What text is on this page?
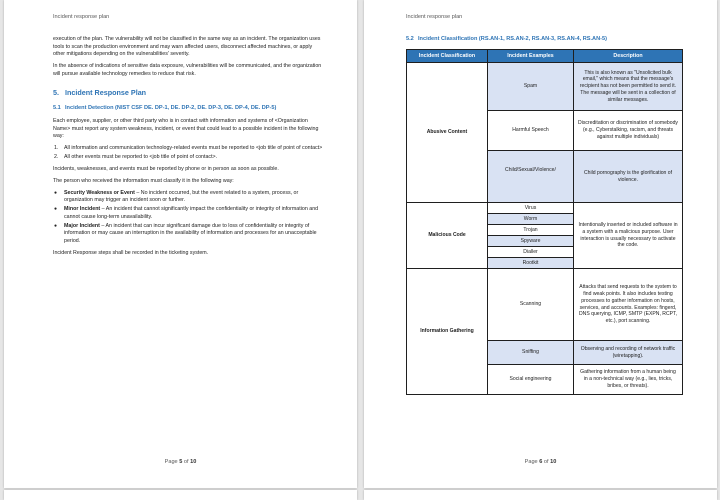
Incident response plan

execution of the plan. The vulnerability will not be classified in the same way as an incident. The organization uses tools to scan the production environment and may warn affected users, disconnect affected machines, or apply other mitigations depending on the vulnerabilities' severity.

In the absence of indications of sensitive data exposure, vulnerabilities will be communicated, and the organization will pursue available technology remedies to reduce that risk.

5. Incident Response Plan
5.1 Incident Detection (NIST CSF DE. DP-1, DE. DP-2, DE. DP-3, DE. DP-4, DE. DP-5)

Each employee, supplier, or other third party who is in contact with information and systems of <Organization Name> must report any system weakness, incident, or event that could lead to a possible incident in the following way:

1. All information and communication technology-related events must be reported to <job title of point of contact>
2. All other events must be reported to <job title of point of contact>.

Incidents, weaknesses, and events must be reported by phone or in person as soon as possible.

The person who received the information must classify it in the following way:

● Security Weakness or Event – No incident occurred, but the event related to a system, process, or organization may trigger an incident soon or further.
● Minor Incident – An incident that cannot significantly impact the confidentiality or integrity of information and cannot cause long-term unavailability.
● Major Incident – An incident that can incur significant damage due to loss of confidentiality or integrity of information or may cause an interruption in the availability of information and processes for an unacceptable period.

Incident Response steps shall be recorded in the ticketing system.

Page 5 of 10
Incident response plan
5.2 Incident Classification (RS.AN-1, RS.AN-2, RS.AN-3, RS.AN-4, RS.AN-5)
Incident Classification	Incident Examples	Description
Abusive Content	Spam	This is also known as "Unsolicited bulk email," which means that the message's recipient has not been permitted to send it. The message will be sent in a collection of similar messages.
	Harmful Speech	Discreditation or discrimination of somebody (e.g., Cyberstalking, racism, and threats against multiple individuals)
	Child/Sexual/Violence/	Child pornography is the glorification of violence.
Malicious Code	Virus	Intentionally inserted or included software in a system with a malicious purpose. User interaction is usually necessary to activate the code.
	Worm	
	Trojan	
	Spyware	
	Dialler	
	Rootkit	
Information Gathering	Scanning	Attacks that send requests to the system to find weak points. It also includes testing processes to gather information on hosts, services, and accounts. Examples: fingerd, DNS querying, ICMP, SMTP (EXPN, RCPT, etc.), port scanning.
	Sniffing	Observing and recording of network traffic (wiretapping).
	Social engineering	Gathering information from a human being in a non-technical way (e.g., lies, tricks, bribes, or threats).
Page 6 of 10
